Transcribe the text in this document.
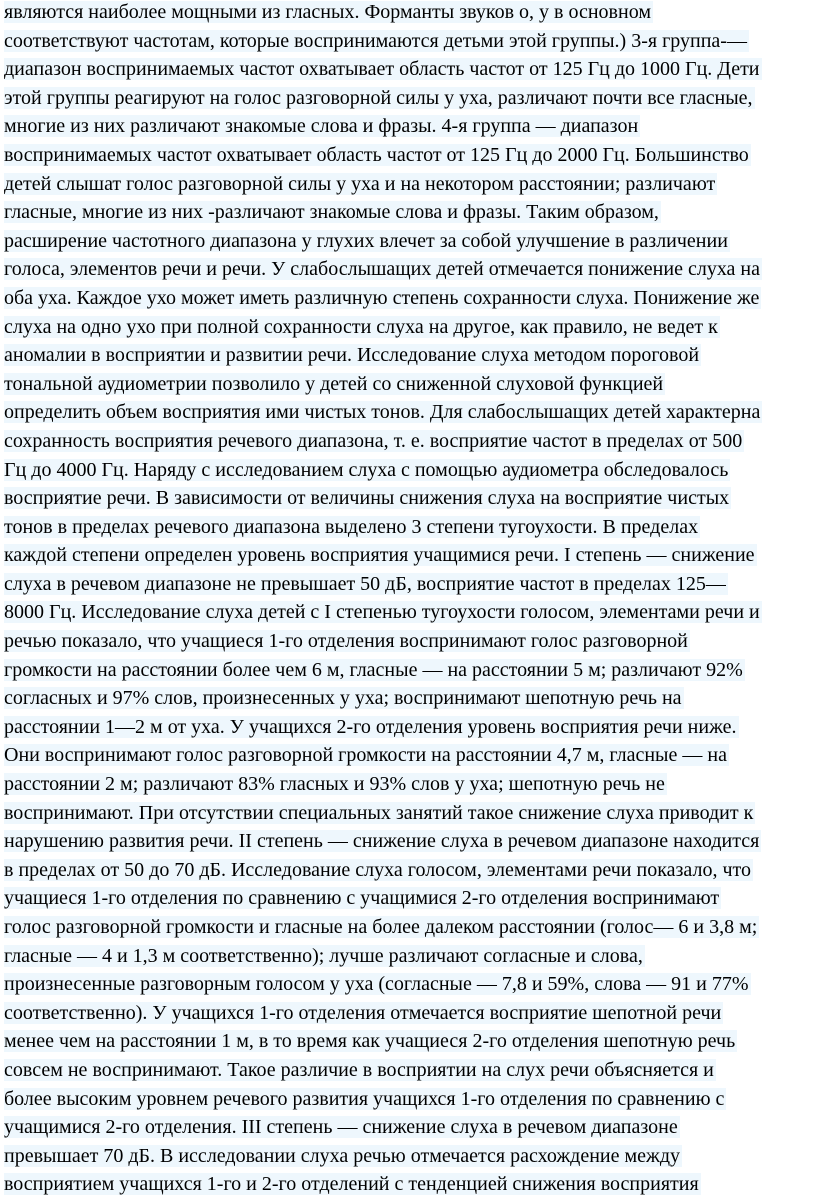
являются наиболее мощными из гласных. Форманты звуков о, у в основном
соответствуют частотам, которые воспринимаются детьми этой группы.) 3-я группа-—
диапазон воспринимаемых частот охватывает область частот от 125 Гц до 1000 Гц. Дети
этой группы реагируют на голос разговорной силы у уха, различают почти все гласные,
многие из них различают знакомые слова и фразы. 4-я группа — диапазон
воспринимаемых частот охватывает область частот от 125 Гц до 2000 Гц. Большинство
детей слышат голос разговорной силы у уха и на некотором расстоянии; различают
гласные, многие из них -различают знакомые слова и фразы. Таким образом,
расширение частотного диапазона у глухих влечет за собой улучшение в различении
голоса, элементов речи и речи. У слабослышащих детей отмечается понижение слуха на
оба уха. Каждое ухо может иметь различную степень сохранности слуха. Понижение же
слуха на одно ухо при полной сохранности слуха на другое, как правило, не ведет к
аномалии в восприятии и развитии речи. Исследование слуха методом пороговой
тональной аудиометрии позволило у детей со сниженной слуховой функцией
определить объем восприятия ими чистых тонов. Для слабослышащих детей характерна
сохранность восприятия речевого диапазона, т. е. восприятие частот в пределах от 500
Гц до 4000 Гц. Наряду с исследованием слуха с помощью аудиометра обследовалось
восприятие речи. В зависимости от величины снижения слуха на восприятие чистых
тонов в пределах речевого диапазона выделено 3 степени тугоухости. В пределах
каждой степени определен уровень восприятия учащимися речи. I степень — снижение
слуха в речевом диапазоне не превышает 50 дБ, восприятие частот в пределах 125—
8000 Гц. Исследование слуха детей с I степенью тугоухости голосом, элементами речи и
речью показало, что учащиеся 1-го отделения воспринимают голос разговорной
громкости на расстоянии более чем 6 м, гласные — на расстоянии 5 м; различают 92%
согласных и 97% слов, произнесенных у уха; воспринимают шепотную речь на
расстоянии 1—2 м от уха. У учащихся 2-го отделения уровень восприятия речи ниже.
Они воспринимают голос разговорной громкости на расстоянии 4,7 м, гласные — на
расстоянии 2 м; различают 83% гласных и 93% слов у уха; шепотную речь не
воспринимают. При отсутствии специальных занятий такое снижение слуха приводит к
нарушению развития речи. II степень — снижение слуха в речевом диапазоне находится
в пределах от 50 до 70 дБ. Исследование слуха голосом, элементами речи показало, что
учащиеся 1-го отделения по сравнению с учащимися 2-го отделения воспринимают
голос разговорной громкости и гласные на более далеком расстоянии (голос— 6 и 3,8 м;
гласные — 4 и 1,3 м соответственно); лучше различают согласные и слова,
произнесенные разговорным голосом у уха (согласные — 7,8 и 59%, слова — 91 и 77%
соответственно). У учащихся 1-го отделения отмечается восприятие шепотной речи
менее чем на расстоянии 1 м, в то время как учащиеся 2-го отделения шепотную речь
совсем не воспринимают. Такое различие в восприятии на слух речи объясняется и
более высоким уровнем речевого развития учащихся 1-го отделения по сравнению с
учащимися 2-го отделения. III степень — снижение слуха в речевом диапазоне
превышает 70 дБ. В исследовании слуха речью отмечается расхождение между
восприятием учащихся 1-го и 2-го отделений с тенденцией снижения восприятия
